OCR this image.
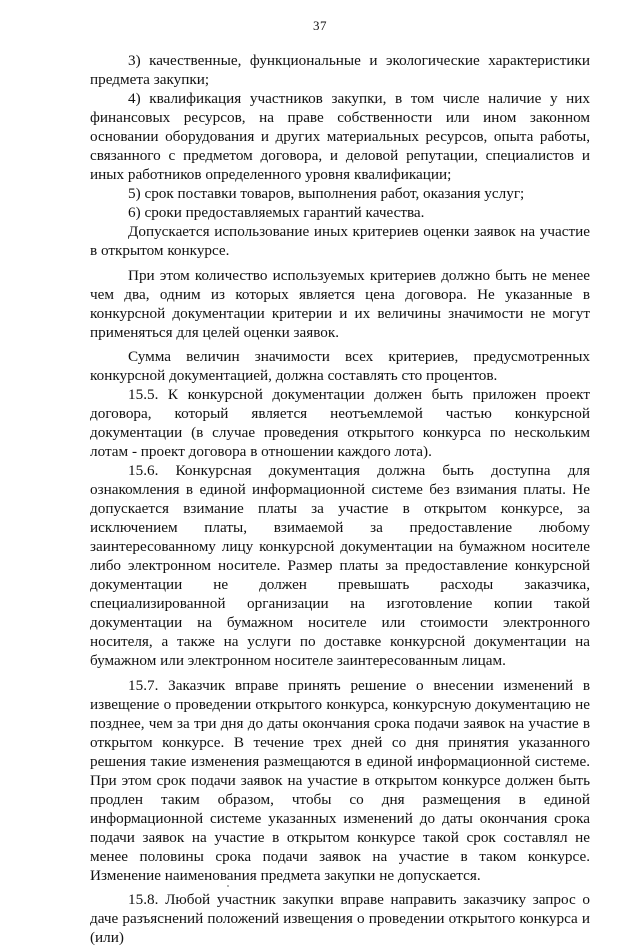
37

3) качественные, функциональные и экологические характеристики предмета закупки;

4) квалификация участников закупки, в том числе наличие у них финансовых ресурсов, на праве собственности или ином законном основании оборудования и других материальных ресурсов, опыта работы, связанного с предметом договора, и деловой репутации, специалистов и иных работников определенного уровня квалификации;

5) срок поставки товаров, выполнения работ, оказания услуг;

6) сроки предоставляемых гарантий качества.

Допускается использование иных критериев оценки заявок на участие в открытом конкурсе.

При этом количество используемых критериев должно быть не менее чем два, одним из которых является цена договора. Не указанные в конкурсной документации критерии и их величины значимости не могут применяться для целей оценки заявок.

Сумма величин значимости всех критериев, предусмотренных конкурсной документацией, должна составлять сто процентов.

15.5. К конкурсной документации должен быть приложен проект договора, который является неотъемлемой частью конкурсной документации (в случае проведения открытого конкурса по нескольким лотам - проект договора в отношении каждого лота).

15.6. Конкурсная документация должна быть доступна для ознакомления в единой информационной системе без взимания платы. Не допускается взимание платы за участие в открытом конкурсе, за исключением платы, взимаемой за предоставление любому заинтересованному лицу конкурсной документации на бумажном носителе либо электронном носителе. Размер платы за предоставление конкурсной документации не должен превышать расходы заказчика, специализированной организации на изготовление копии такой документации на бумажном носителе или стоимости электронного носителя, а также на услуги по доставке конкурсной документации на бумажном или электронном носителе заинтересованным лицам.

15.7. Заказчик вправе принять решение о внесении изменений в извещение о проведении открытого конкурса, конкурсную документацию не позднее, чем за три дня до даты окончания срока подачи заявок на участие в открытом конкурсе. В течение трех дней со дня принятия указанного решения такие изменения размещаются в единой информационной системе. При этом срок подачи заявок на участие в открытом конкурсе должен быть продлен таким образом, чтобы со дня размещения в единой информационной системе указанных изменений до даты окончания срока подачи заявок на участие в открытом конкурсе такой срок составлял не менее половины срока подачи заявок на участие в таком конкурсе. Изменение наименования предмета закупки не допускается.

15.8. Любой участник закупки вправе направить заказчику запрос о даче разъяснений положений извещения о проведении открытого конкурса и (или)
